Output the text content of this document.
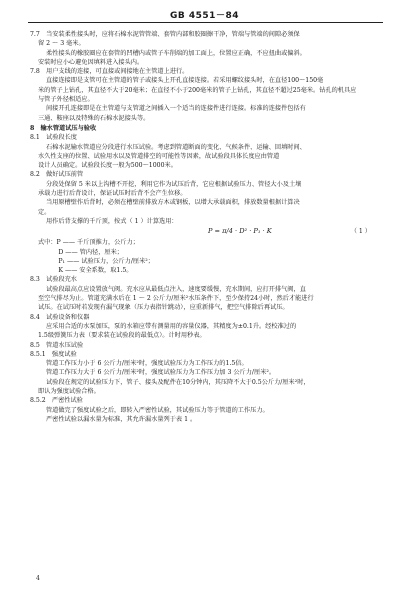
GB 4551－84
7.7　当安装柔性接头时，应将石棉水泥管管端、套管内部和胶圈擦干净，管端与管端的间隙必须保
留 2 ～ 3 毫米。
柔性接头的橡胶圈应在套管的凹槽内或管子车削端的加工面上，位置应正确，不应扭曲或偏斜。
安装时应小心避免因填料进入接头内。
7.8　用户支线的连接，可直接或间接地在主管道上进行。
直接连接即是支管可在主管道的管子或接头上开孔直接连接。若采用螺纹接头时，在直径100～150毫
米的管子上钻孔，其直径不大于20毫米；在直径不小于200毫米的管子上钻孔，其直径不超过25毫米。钻孔的机具应
与管子外径相适应。
间接开孔连接即是在主管道与支管道之间插入一个适当的连接件进行连接。标准的连接件包括有
三通、鞍座以及特殊的石棉水泥接头等。
8　输水管道试压与验收
8.1　试验段长度
石棉水泥输水管道应分段进行水压试验。考虑到管道断面的变化、气候条件、运输、回填时间、
水久性支座的位置、试验用水以及管道排空的可能性等因素，故试验段具体长度应由管道
设计人员确定。试验段长度一般为500～1000米。
8.2　做好试压前管
分段处保留 5 米以上沟槽不开挖，利用它作为试压后背，它应根据试验压力、管径大小及土壤
承载力进行后背设计，保证试压时后背不会产生位移。
当用原槽壁作后背时，必须在槽壁前排放方木或钢板，以增大承载面积，排放数量根据计算决
定。
用作后背支撑的千斤顶，按式（ 1 ）计算选用：
P = π/4 · D² · P₁ · K	（ 1 ）
式中：P —— 千斤顶推力，公斤力；
　　D —— 管内径，厘米；
　　P₁ —— 试验压力，公斤力/厘米²；
　　K —— 安全系数，取1.5。
8.3　试验段充水
试验段最高点应设置放气阀。充水应从最低点注入，速度要缓慢，充水期间，应打开排气阀，直
至空气排尽为止。管道充满水后在 1 ～ 2 公斤力/厘米²水压条件下，至少保持24小时，然后才能进行
试压。在试压时若发现有漏气现象（压力表指针跳动），应重新排气，把空气排除后再试压。
8.4　试验设备和仪器
应采用合适的水泵加压，泵的水箱应带有测量用的容量仪器，其精度为±0.1升。经校准过的
1.5级弹簧压力表（要求装在试验段的最低点）。计时用秒表。
8.5　管道水压试验
8.5.1　强度试验
管道工作压力小于 6 公斤力/厘米²时，强度试验压力为工作压力的1.5倍。
管道工作压力大于 6 公斤力/厘米²时，强度试验压力为工作压力加 3 公斤力/厘米²。
试验段在规定的试验压力下，管子、接头及配件在10分钟内，其压降不大于0.5公斤力/厘米²时，
即认为强度试验合格。
8.5.2　严密性试验
管道做完了强度试验之后，即转入严密性试验，其试验压力等于管道的工作压力。
严密性试验以漏水量为标准，其允许漏水量列于表 1 。
4
